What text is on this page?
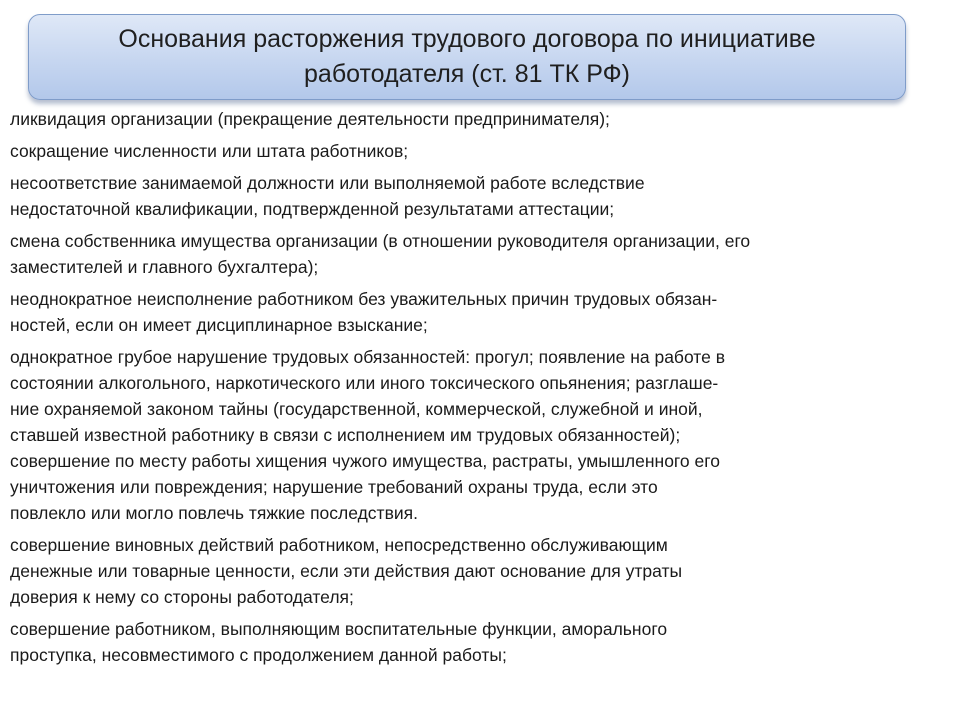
Основания расторжения трудового договора по инициативе
работодателя (ст. 81 ТК РФ)
ликвидация организации (прекращение деятельности предпринимателя);
сокращение численности или штата работников;
несоответствие занимаемой должности или выполняемой работе вследствие
недостаточной квалификации, подтвержденной результатами аттестации;
смена собственника имущества организации (в отношении руководителя организации, его
заместителей и главного бухгалтера);
неоднократное неисполнение работником без уважительных причин трудовых обязан-
ностей, если он имеет дисциплинарное взыскание;
однократное грубое нарушение трудовых обязанностей: прогул; появление на работе в
состоянии алкогольного, наркотического или иного токсического опьянения; разглаше-
ние охраняемой законом тайны (государственной, коммерческой, служебной и иной,
ставшей известной работнику в связи с исполнением им трудовых обязанностей);
совершение по месту работы хищения чужого имущества, растраты, умышленного его
уничтожения или повреждения; нарушение требований охраны труда, если это
повлекло или могло повлечь тяжкие последствия.
совершение виновных действий работником, непосредственно обслуживающим
денежные или товарные ценности, если эти действия дают основание для утраты
доверия к нему со стороны работодателя;
совершение работником, выполняющим воспитательные функции, аморального
проступка, несовместимого с продолжением данной работы;
